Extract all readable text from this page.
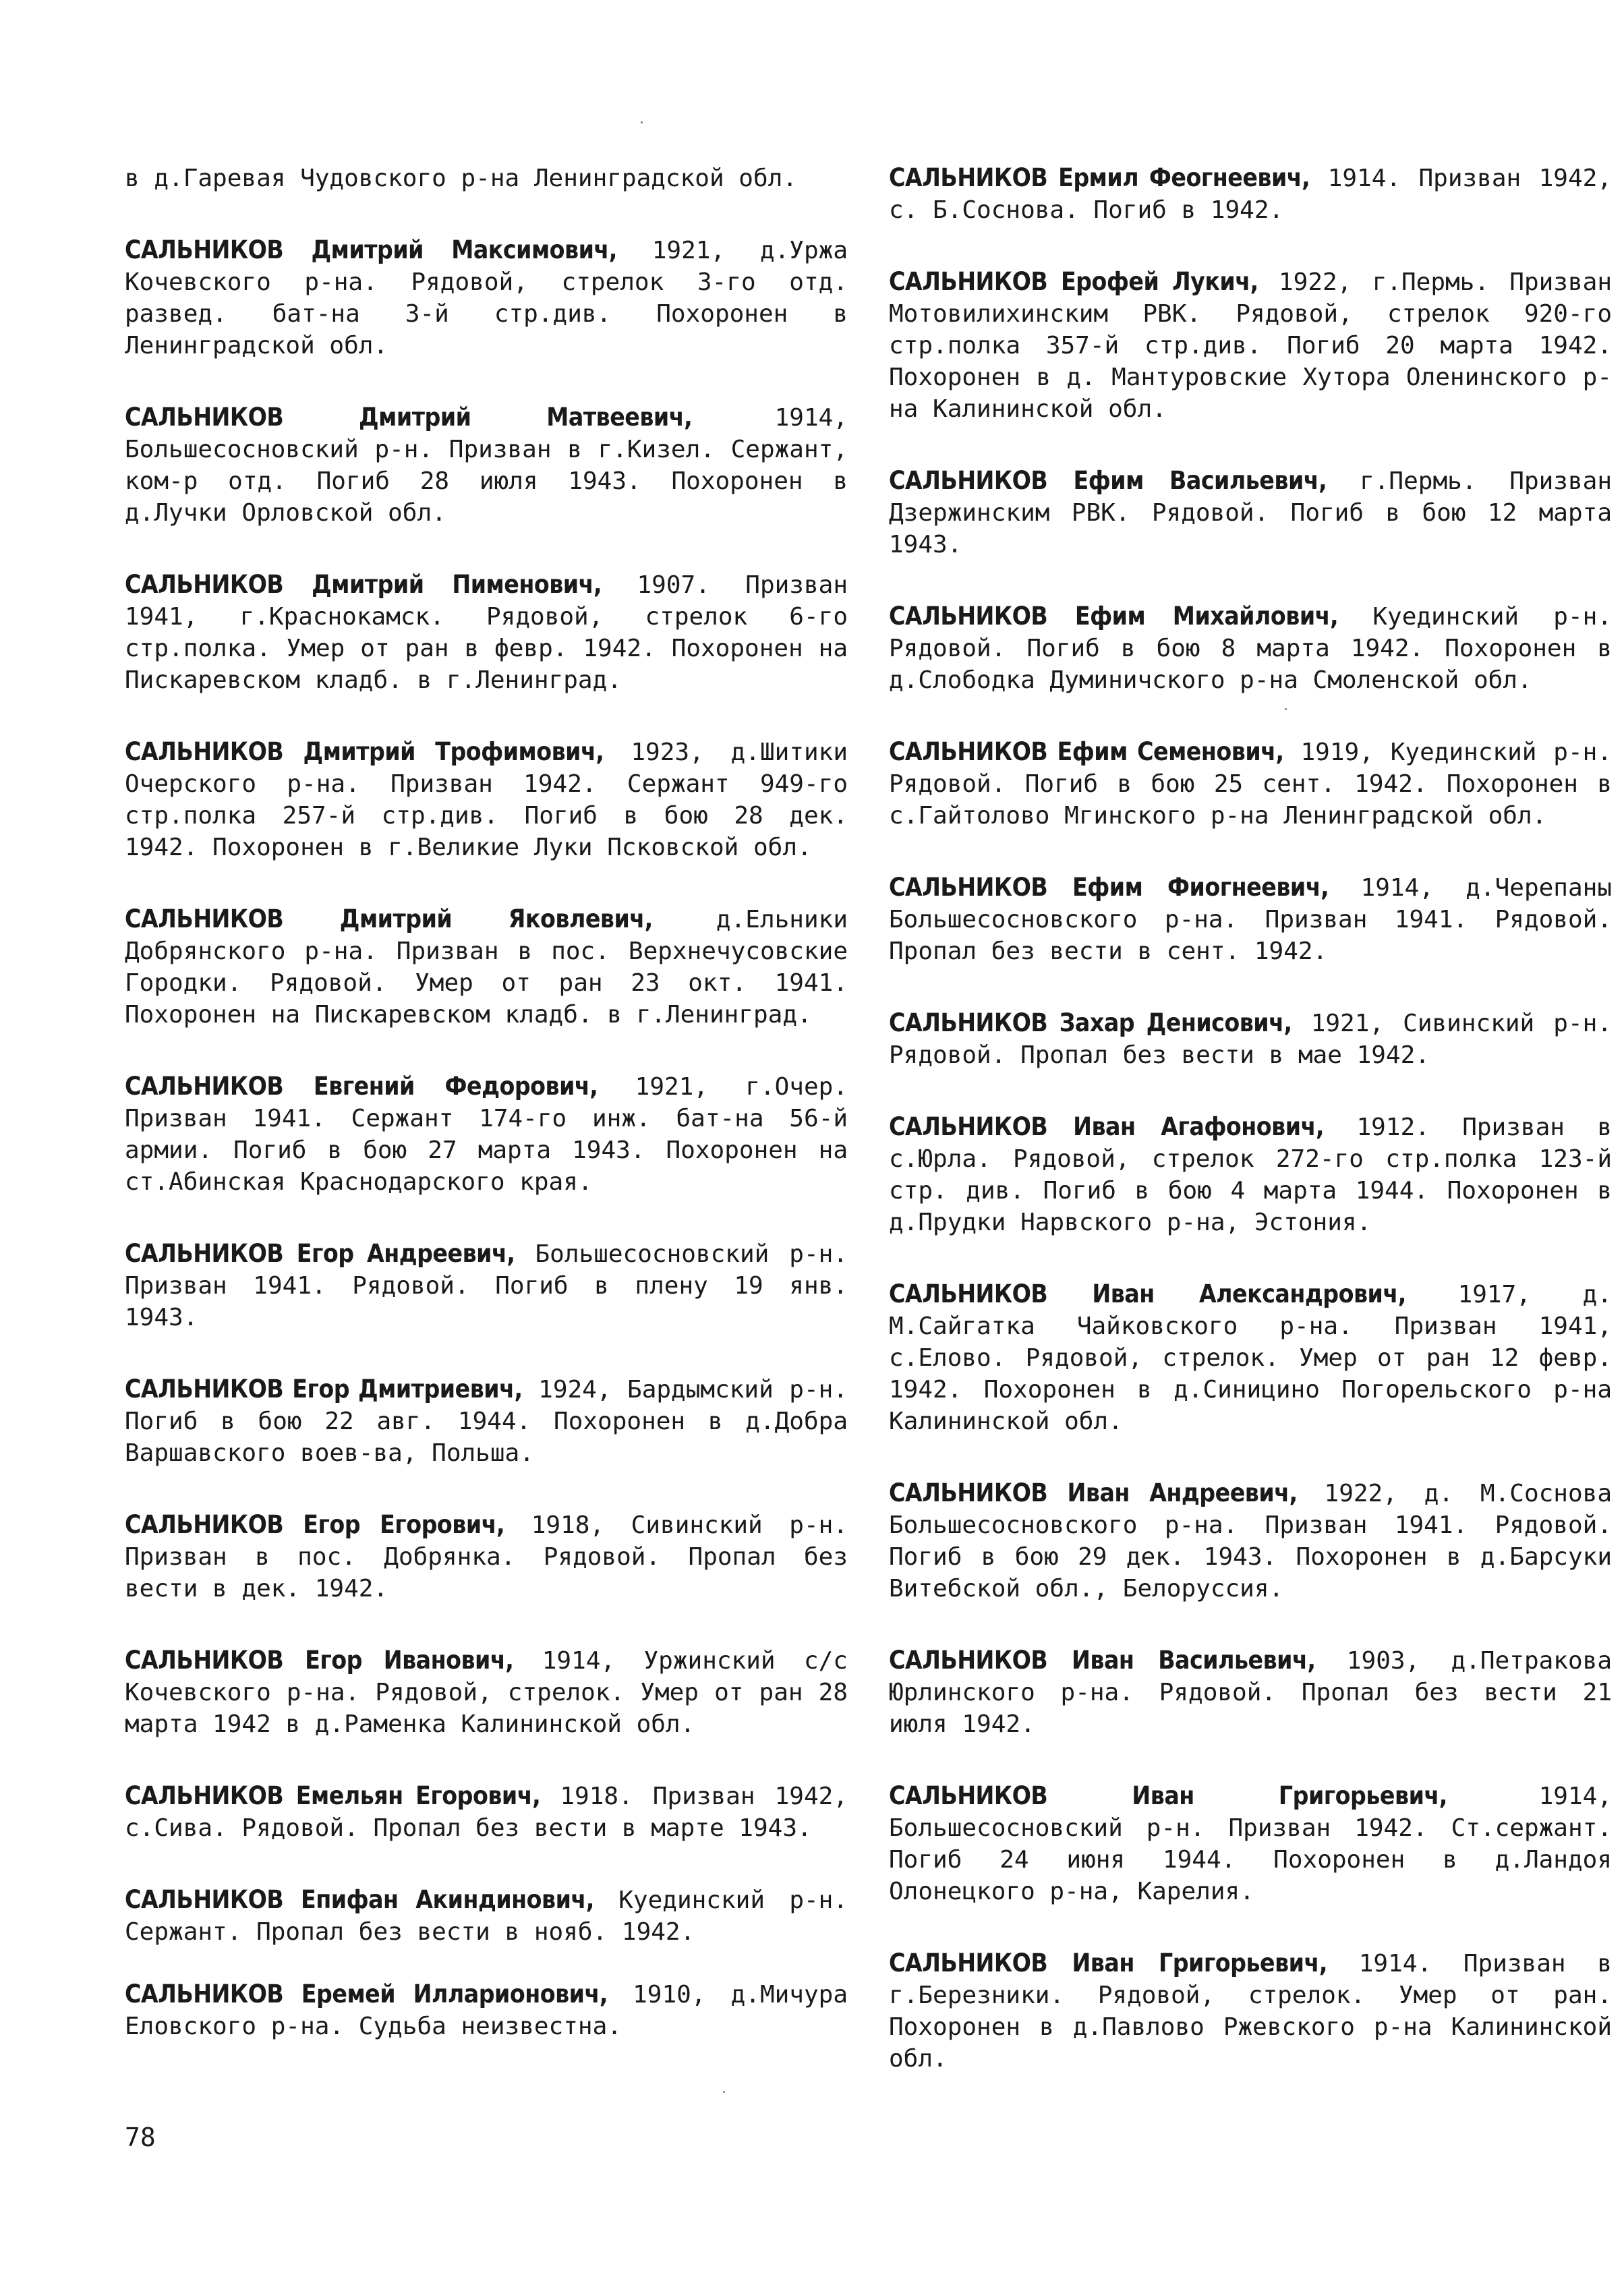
в д.Гаревая Чудовского р-на Ленинградской обл.

САЛЬНИКОВ Дмитрий Максимович, 1921, д.Уржа Кочевского р-на. Рядовой, стрелок 3-го отд. развед. бат-на 3-й стр.див. Похоронен в Ленинградской обл.

САЛЬНИКОВ Дмитрий Матвеевич, 1914, Большесосновский р-н. Призван в г.Кизел. Сержант, ком-р отд. Погиб 28 июля 1943. Похоронен в д.Лучки Орловской обл.

САЛЬНИКОВ Дмитрий Пименович, 1907. Призван 1941, г.Краснокамск. Рядовой, стрелок 6-го стр.полка. Умер от ран в февр. 1942. Похоронен на Пискаревском кладб. в г.Ленинград.

САЛЬНИКОВ Дмитрий Трофимович, 1923, д.Шитики Очерского р-на. Призван 1942. Сержант 949-го стр.полка 257-й стр.див. Погиб в бою 28 дек. 1942. Похоронен в г.Великие Луки Псковской обл.

САЛЬНИКОВ Дмитрий Яковлевич, д.Ельники Добрянского р-на. Призван в пос. Верхнечусовские Городки. Рядовой. Умер от ран 23 окт. 1941. Похоронен на Пискаревском кладб. в г.Ленинград.

САЛЬНИКОВ Евгений Федорович, 1921, г.Очер. Призван 1941. Сержант 174-го инж. бат-на 56-й армии. Погиб в бою 27 марта 1943. Похоронен на ст.Абинская Краснодарского края.

САЛЬНИКОВ Егор Андреевич, Большесосновский р-н. Призван 1941. Рядовой. Погиб в плену 19 янв. 1943.

САЛЬНИКОВ Егор Дмитриевич, 1924, Бардымский р-н. Погиб в бою 22 авг. 1944. Похоронен в д.Добра Варшавского воев-ва, Польша.

САЛЬНИКОВ Егор Егорович, 1918, Сивинский р-н. Призван в пос. Добрянка. Рядовой. Пропал без вести в дек. 1942.

САЛЬНИКОВ Егор Иванович, 1914, Уржинский с/с Кочевского р-на. Рядовой, стрелок. Умер от ран 28 марта 1942 в д.Раменка Калининской обл.

САЛЬНИКОВ Емельян Егорович, 1918. Призван 1942, с.Сива. Рядовой. Пропал без вести в марте 1943.

САЛЬНИКОВ Епифан Акиндинович, Куединский р-н. Сержант. Пропал без вести в нояб. 1942.

САЛЬНИКОВ Еремей Илларионович, 1910, д.Мичура Еловского р-на. Судьба неизвестна.

САЛЬНИКОВ Ермил Феогнеевич, 1914. Призван 1942, с. Б.Соснова. Погиб в 1942.

САЛЬНИКОВ Ерофей Лукич, 1922, г.Пермь. Призван Мотовилихинским РВК. Рядовой, стрелок 920-го стр.полка 357-й стр.див. Погиб 20 марта 1942. Похоронен в д. Мантуровские Хутора Оленинского р-на Калининской обл.

САЛЬНИКОВ Ефим Васильевич, г.Пермь. Призван Дзержинским РВК. Рядовой. Погиб в бою 12 марта 1943.

САЛЬНИКОВ Ефим Михайлович, Куединский р-н. Рядовой. Погиб в бою 8 марта 1942. Похоронен в д.Слободка Думиничского р-на Смоленской обл.

САЛЬНИКОВ Ефим Семенович, 1919, Куединский р-н. Рядовой. Погиб в бою 25 сент. 1942. Похоронен в с.Гайтолово Мгинского р-на Ленинградской обл.

САЛЬНИКОВ Ефим Фиогнеевич, 1914, д.Черепаны Большесосновского р-на. Призван 1941. Рядовой. Пропал без вести в сент. 1942.

САЛЬНИКОВ Захар Денисович, 1921, Сивинский р-н. Рядовой. Пропал без вести в мае 1942.

САЛЬНИКОВ Иван Агафонович, 1912. Призван в с.Юрла. Рядовой, стрелок 272-го стр.полка 123-й стр. див. Погиб в бою 4 марта 1944. Похоронен в д.Прудки Нарвского р-на, Эстония.

САЛЬНИКОВ Иван Александрович, 1917, д. М.Сайгатка Чайковского р-на. Призван 1941, с.Елово. Рядовой, стрелок. Умер от ран 12 февр. 1942. Похоронен в д.Синицино Погорельского р-на Калининской обл.

САЛЬНИКОВ Иван Андреевич, 1922, д. М.Соснова Большесосновского р-на. Призван 1941. Рядовой. Погиб в бою 29 дек. 1943. Похоронен в д.Барсуки Витебской обл., Белоруссия.

САЛЬНИКОВ Иван Васильевич, 1903, д.Петракова Юрлинского р-на. Рядовой. Пропал без вести 21 июля 1942.

САЛЬНИКОВ Иван Григорьевич, 1914, Большесосновский р-н. Призван 1942. Ст.сержант. Погиб 24 июня 1944. Похоронен в д.Ландоя Олонецкого р-на, Карелия.

САЛЬНИКОВ Иван Григорьевич, 1914. Призван в г.Березники. Рядовой, стрелок. Умер от ран. Похоронен в д.Павлово Ржевского р-на Калининской обл.

78
